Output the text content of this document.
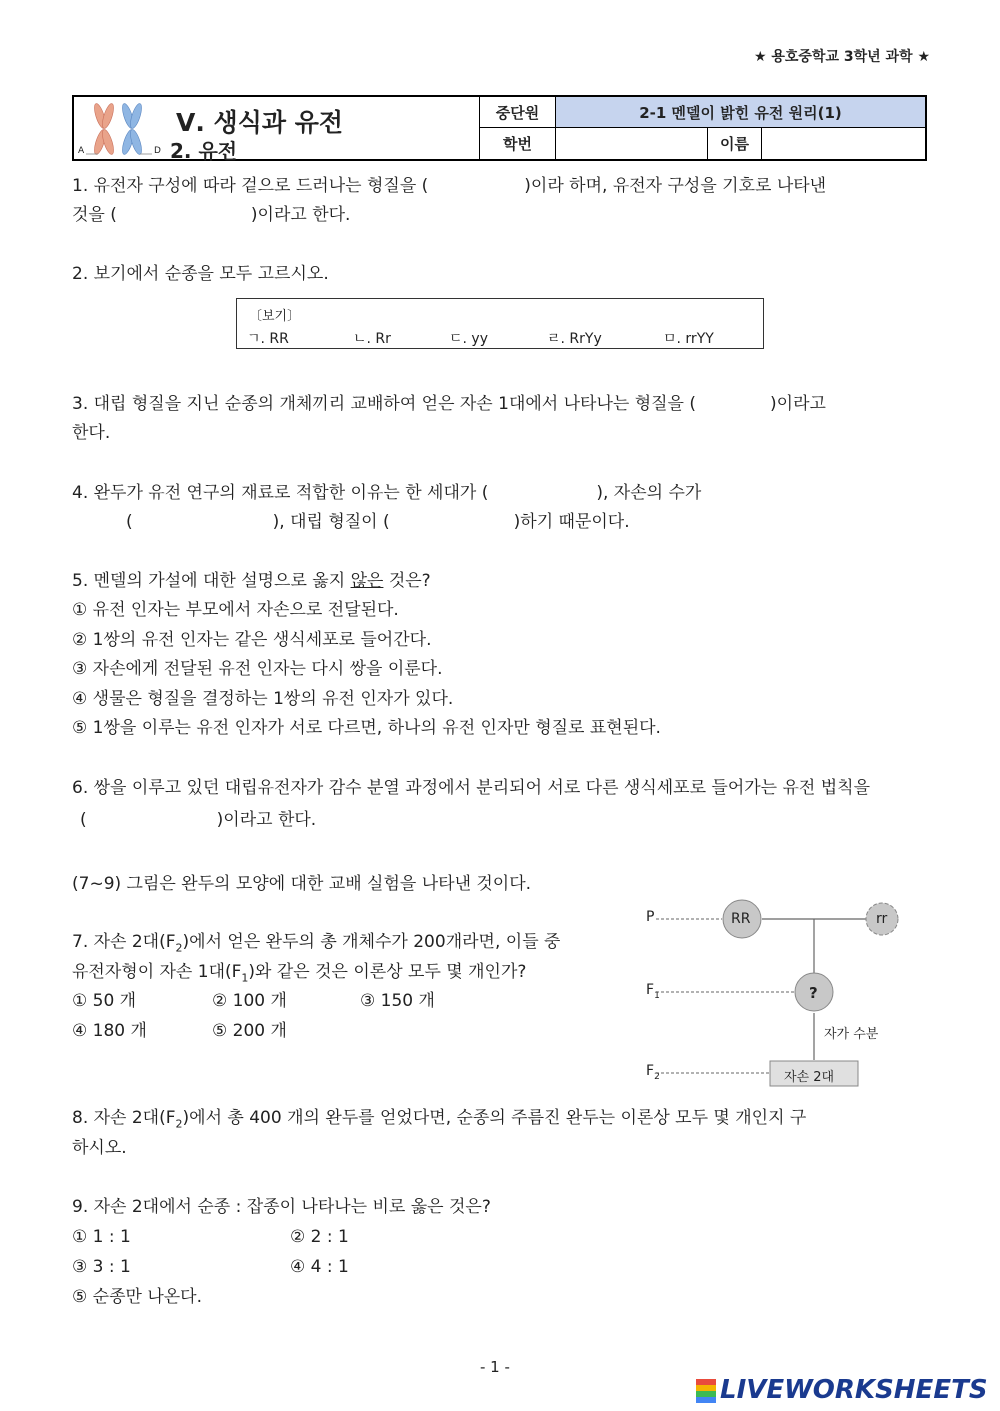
★ 용호중학교 3학년 과학 ★
A	D
Ⅴ. 생식과 유전
2. 유전
중단원	2-1 멘델이 밝힌 유전 원리(1)
학번	이름
1. 유전자 구성에 따라 겉으로 드러나는 형질을 (	)이라 하며, 유전자 구성을 기호로 나타낸
것을 (	)이라고 한다.
2. 보기에서 순종을 모두 고르시오.
〔보기〕
ㄱ. RR	ㄴ. Rr	ㄷ. yy	ㄹ. RrYy	ㅁ. rrYY
3. 대립 형질을 지닌 순종의 개체끼리 교배하여 얻은 자손 1대에서 나타나는 형질을 (	)이라고
한다.
4. 완두가 유전 연구의 재료로 적합한 이유는 한 세대가 (	), 자손의 수가
(	), 대립 형질이 (	)하기 때문이다.
5. 멘델의 가설에 대한 설명으로 옳지 않은 것은?
① 유전 인자는 부모에서 자손으로 전달된다.
② 1쌍의 유전 인자는 같은 생식세포로 들어간다.
③ 자손에게 전달된 유전 인자는 다시 쌍을 이룬다.
④ 생물은 형질을 결정하는 1쌍의 유전 인자가 있다.
⑤ 1쌍을 이루는 유전 인자가 서로 다르면, 하나의 유전 인자만 형질로 표현된다.
6. 쌍을 이루고 있던 대립유전자가 감수 분열 과정에서 분리되어 서로 다른 생식세포로 들어가는 유전 법칙을
(	)이라고 한다.
(7~9) 그림은 완두의 모양에 대한 교배 실험을 나타낸 것이다.
7. 자손 2대$(F_2)$에서 얻은 완두의 총 개체수가 200개라면, 이들 중
유전자형이 자손 1대$(F_1)$와 같은 것은 이론상 모두 몇 개인가?
① 50 개	② 100 개	③ 150 개
④ 180 개	⑤ 200 개
P
$F_1$
$F_2$
RR	rr
?
자가 수분
자손 2대
8. 자손 2대$(F_2)$에서 총 400 개의 완두를 얻었다면, 순종의 주름진 완두는 이론상 모두 몇 개인지 구
하시오.
9. 자손 2대에서 순종 : 잡종이 나타나는 비로 옳은 것은?
① 1 : 1	② 2 : 1
③ 3 : 1	④ 4 : 1
⑤ 순종만 나온다.
- 1 -
LIVEWORKSHEETS
